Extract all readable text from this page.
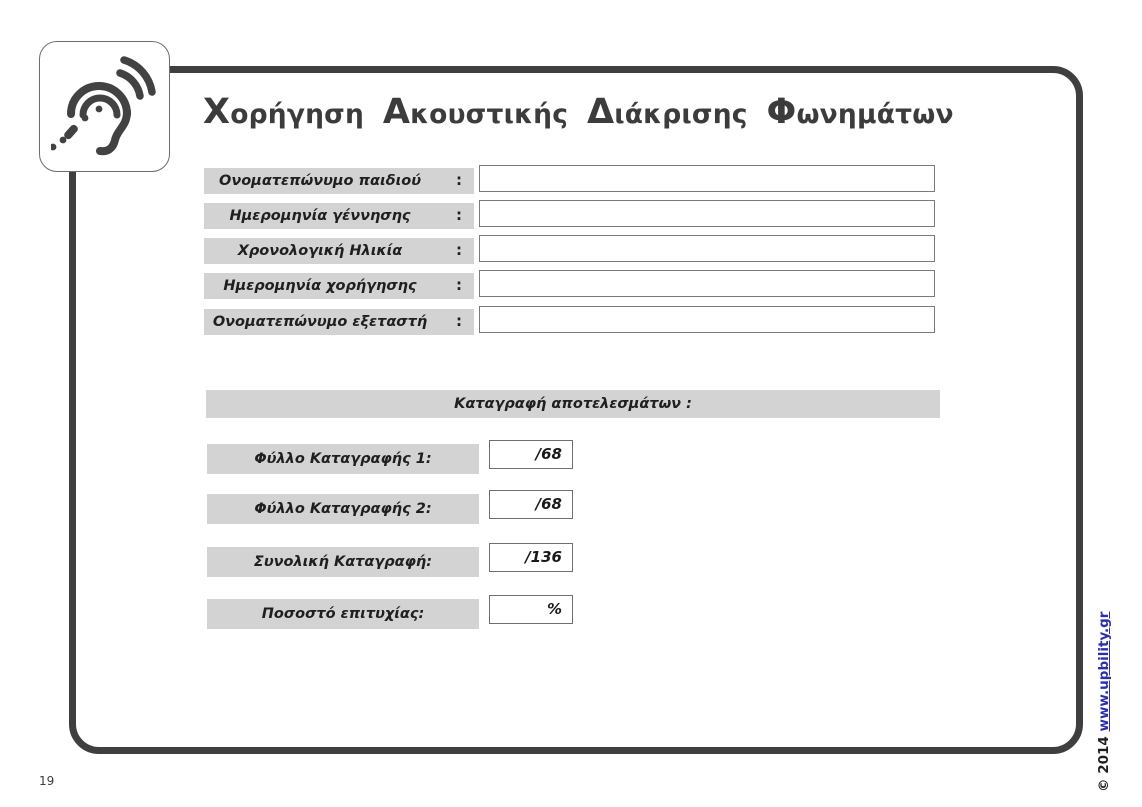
Χορήγηση Ακουστικής Διάκρισης Φωνημάτων
Ονοματεπώνυμο παιδιού	:
Ημερομηνία γέννησης	:
Χρονολογική Ηλικία	:
Ημερομηνία χορήγησης	:
Ονοματεπώνυμο εξεταστή	:
Καταγραφή αποτελεσμάτων :
Φύλλο Καταγραφής 1:	/68
Φύλλο Καταγραφής 2:	/68
Συνολική Καταγραφή:	/136
Ποσοστό επιτυχίας:	%
19	© 2014 www.upbility.gr
